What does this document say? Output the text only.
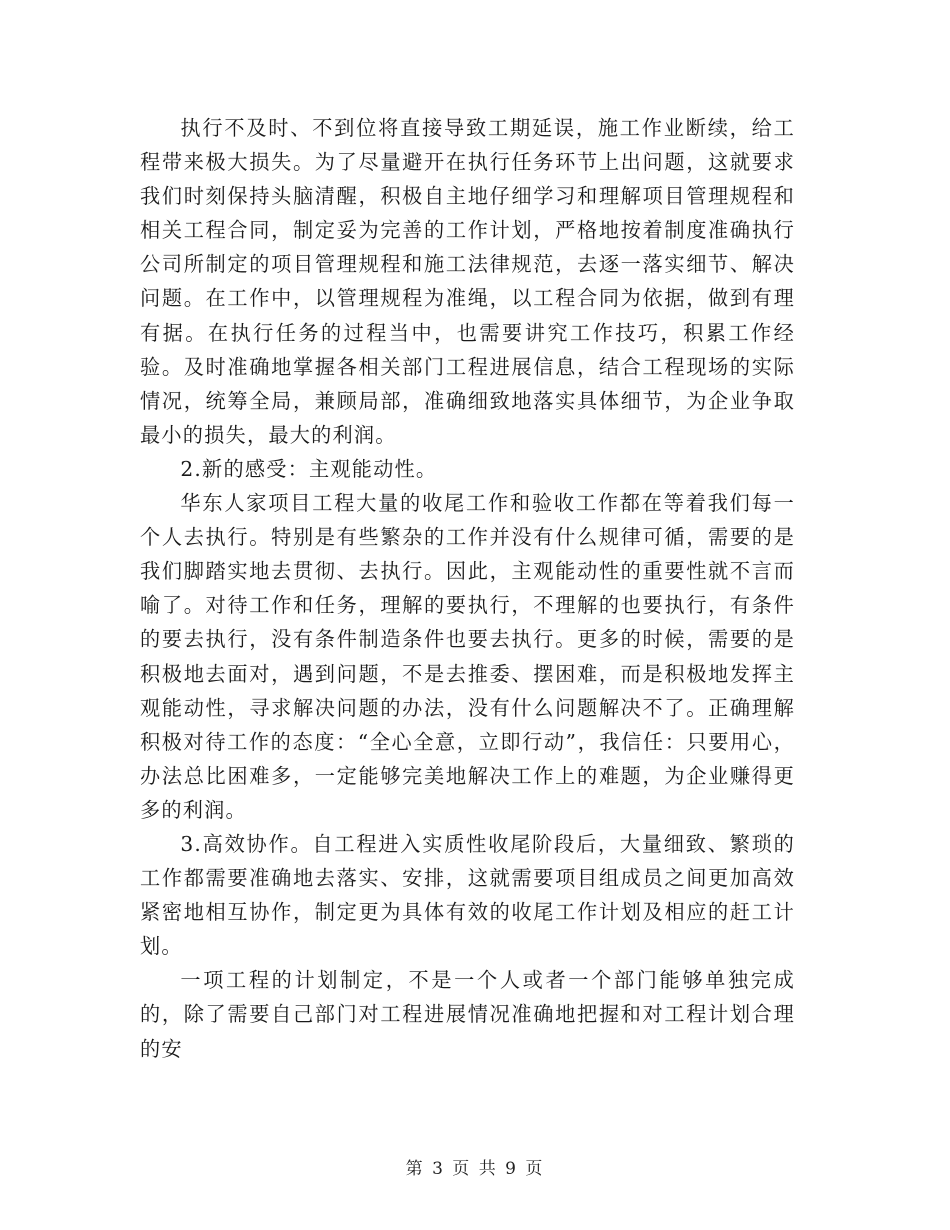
执行不及时、不到位将直接导致工期延误，施工作业断续，给工程带来极大损失。为了尽量避开在执行任务环节上出问题，这就要求我们时刻保持头脑清醒，积极自主地仔细学习和理解项目管理规程和相关工程合同，制定妥为完善的工作计划，严格地按着制度准确执行公司所制定的项目管理规程和施工法律规范，去逐一落实细节、解决问题。在工作中，以管理规程为准绳，以工程合同为依据，做到有理有据。在执行任务的过程当中，也需要讲究工作技巧，积累工作经验。及时准确地掌握各相关部门工程进展信息，结合工程现场的实际情况，统筹全局，兼顾局部，准确细致地落实具体细节，为企业争取最小的损失，最大的利润。

2.新的感受：主观能动性。

华东人家项目工程大量的收尾工作和验收工作都在等着我们每一个人去执行。特别是有些繁杂的工作并没有什么规律可循，需要的是我们脚踏实地去贯彻、去执行。因此，主观能动性的重要性就不言而喻了。对待工作和任务，理解的要执行，不理解的也要执行，有条件的要去执行，没有条件制造条件也要去执行。更多的时候，需要的是积极地去面对，遇到问题，不是去推委、摆困难，而是积极地发挥主观能动性，寻求解决问题的办法，没有什么问题解决不了。正确理解积极对待工作的态度：“全心全意，立即行动”，我信任：只要用心，办法总比困难多，一定能够完美地解决工作上的难题，为企业赚得更多的利润。

3.高效协作。自工程进入实质性收尾阶段后，大量细致、繁琐的工作都需要准确地去落实、安排，这就需要项目组成员之间更加高效紧密地相互协作，制定更为具体有效的收尾工作计划及相应的赶工计划。

一项工程的计划制定，不是一个人或者一个部门能够单独完成的，除了需要自己部门对工程进展情况准确地把握和对工程计划合理的安

第 3 页 共 9 页
